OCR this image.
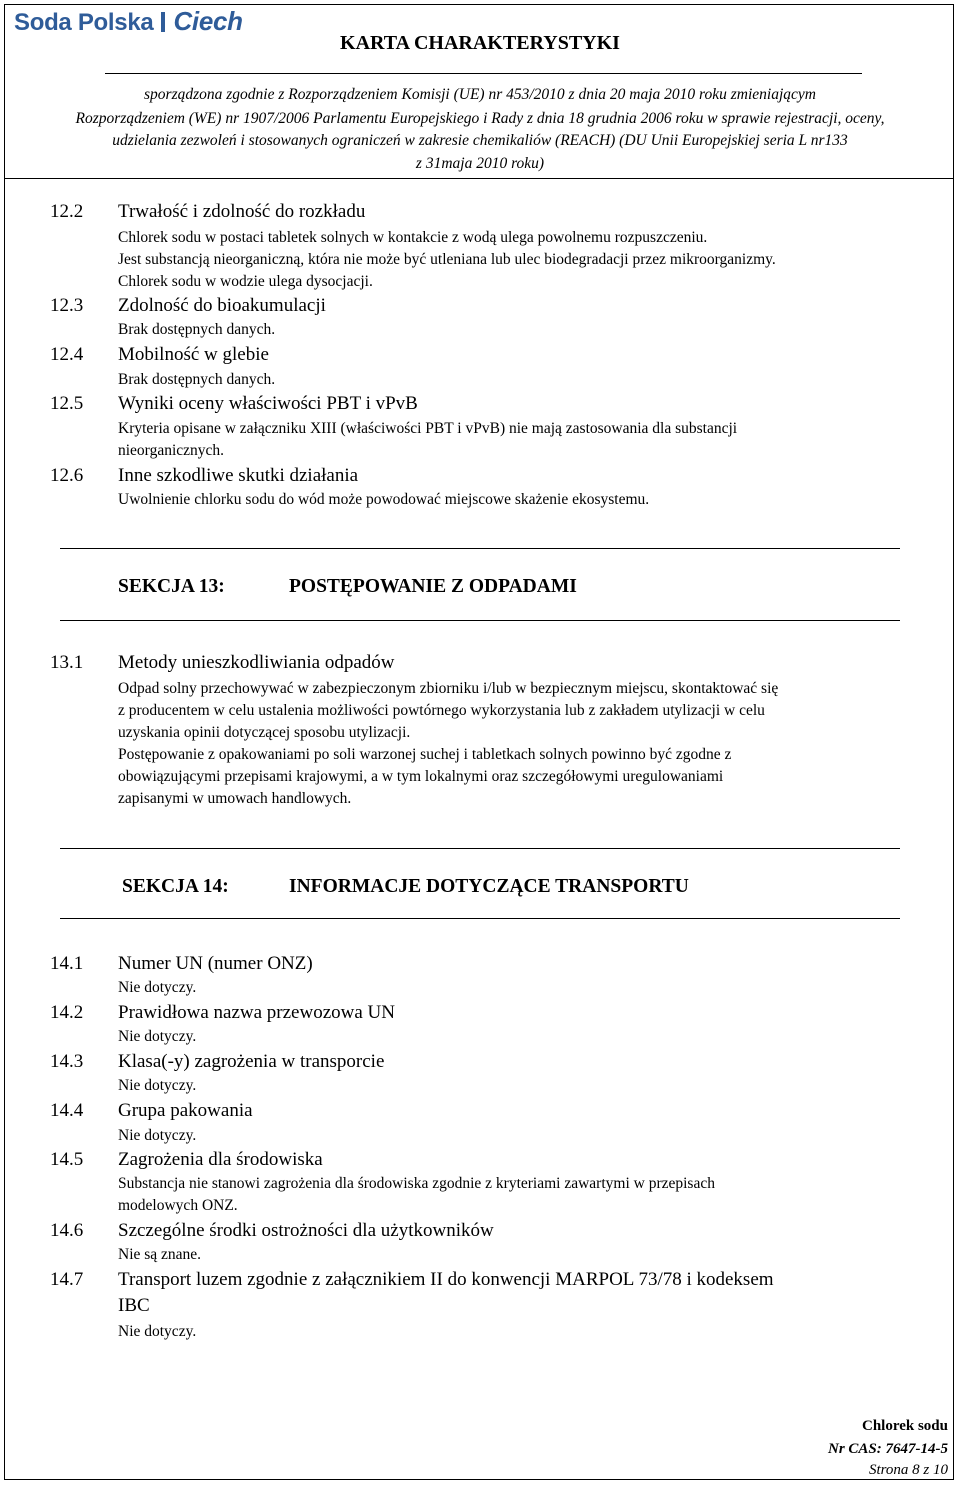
Soda Polska Ciech
KARTA CHARAKTERYSTYKI
sporządzona zgodnie z Rozporządzeniem Komisji (UE) nr 453/2010 z dnia 20 maja 2010 roku zmieniającym
Rozporządzeniem (WE) nr 1907/2006 Parlamentu Europejskiego i Rady z dnia 18 grudnia 2006 roku w sprawie rejestracji, oceny,
udzielania zezwoleń i stosowanych ograniczeń w zakresie chemikaliów (REACH) (DU Unii Europejskiej seria L nr133
z 31maja 2010 roku)
12.2 Trwałość i zdolność do rozkładu
Chlorek sodu w postaci tabletek solnych w kontakcie z wodą ulega powolnemu rozpuszczeniu.
Jest substancją nieorganiczną, która nie może być utleniana lub ulec biodegradacji przez mikroorganizmy.
Chlorek sodu w wodzie ulega dysocjacji.
12.3 Zdolność do bioakumulacji
Brak dostępnych danych.
12.4 Mobilność w glebie
Brak dostępnych danych.
12.5 Wyniki oceny właściwości PBT i vPvB
Kryteria opisane w załączniku XIII (właściwości PBT i vPvB) nie mają zastosowania dla substancji
nieorganicznych.
12.6 Inne szkodliwe skutki działania
Uwolnienie chlorku sodu do wód może powodować miejscowe skażenie ekosystemu.
SEKCJA 13:	POSTĘPOWANIE Z ODPADAMI
13.1 Metody unieszkodliwiania odpadów
Odpad solny przechowywać w zabezpieczonym zbiorniku i/lub w bezpiecznym miejscu, skontaktować się
z producentem w celu ustalenia możliwości powtórnego wykorzystania lub z zakładem utylizacji w celu
uzyskania opinii dotyczącej sposobu utylizacji.
Postępowanie z opakowaniami po soli warzonej suchej i tabletkach solnych powinno być zgodne z
obowiązującymi przepisami krajowymi, a w tym lokalnymi oraz szczegółowymi uregulowaniami
zapisanymi w umowach handlowych.
SEKCJA 14:	INFORMACJE DOTYCZĄCE TRANSPORTU
14.1 Numer UN (numer ONZ)
Nie dotyczy.
14.2 Prawidłowa nazwa przewozowa UN
Nie dotyczy.
14.3 Klasa(-y) zagrożenia w transporcie
Nie dotyczy.
14.4 Grupa pakowania
Nie dotyczy.
14.5 Zagrożenia dla środowiska
Substancja nie stanowi zagrożenia dla środowiska zgodnie z kryteriami zawartymi w przepisach
modelowych ONZ.
14.6 Szczególne środki ostrożności dla użytkowników
Nie są znane.
14.7 Transport luzem zgodnie z załącznikiem II do konwencji MARPOL 73/78 i kodeksem
IBC
Nie dotyczy.
Chlorek sodu
Nr CAS: 7647-14-5
Strona 8 z 10
